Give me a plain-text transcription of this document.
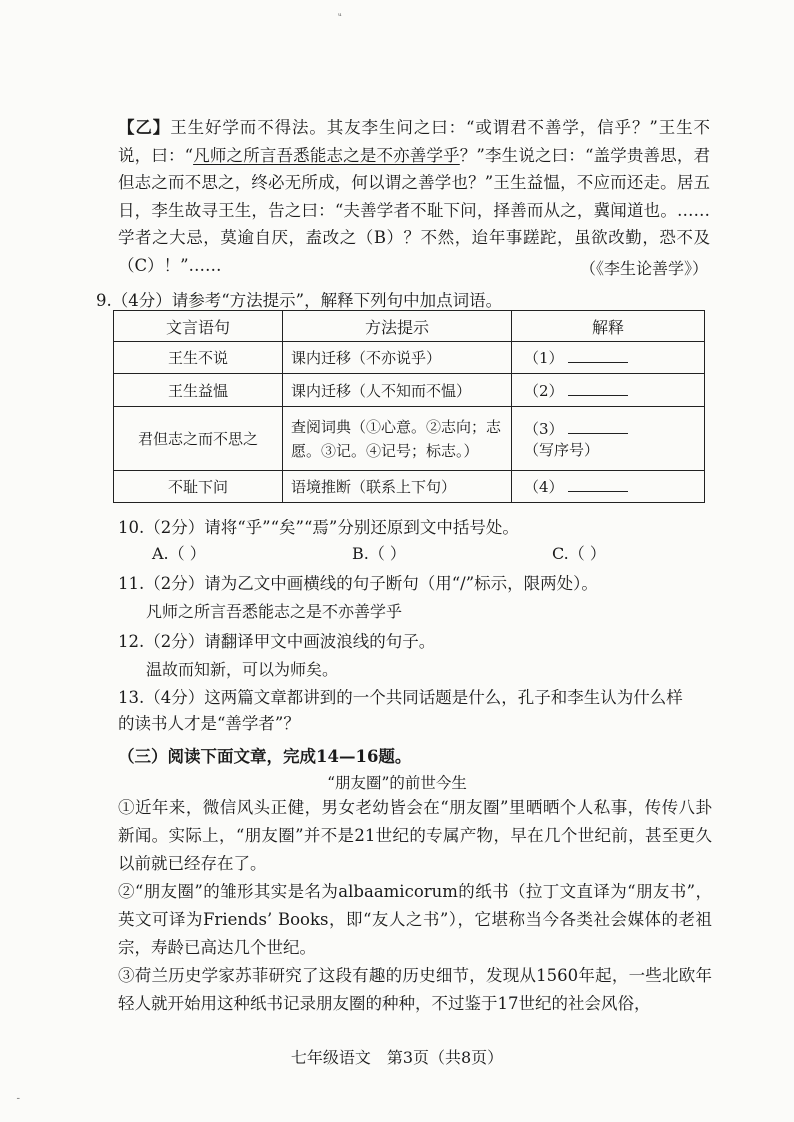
ᵘ
ˉ
【乙】王生好学而不得法。其友李生问之曰：“或谓君不善学，信乎？”王生不说，曰：“凡师之所言吾悉能志之是不亦善学乎？”李生说之曰：“盖学贵善思，君但志之而不思之，终必无所成，何以谓之善学也？”王生益愠，不应而还走。居五日，李生故寻王生，告之曰：“夫善学者不耻下问，择善而从之，冀闻道也。……学者之大忌，莫逾自厌，盍改之（B）？不然，迨年事蹉跎，虽欲改勤，恐不及（C）！”……	（《李生论善学》）
9.（4分）请参考“方法提示”，解释下列句中加点词语。
文言语句	方法提示	解释
王生不说	课内迁移（不亦说乎）	（1）
王生益愠	课内迁移（人不知而不愠）	（2）
君但志之而不思之	查阅词典（①心意。②志向；志愿。③记。④记号；标志。）	（3） （写序号）
不耻下问	语境推断（联系上下句）	（4）
10.（2分）请将“乎”“矣”“焉”分别还原到文中括号处。
A.（ ）	B.（ ）	C.（ ）
11.（2分）请为乙文中画横线的句子断句（用“/”标示，限两处）。
凡师之所言吾悉能志之是不亦善学乎
12.（2分）请翻译甲文中画波浪线的句子。
温故而知新，可以为师矣。
13.（4分）这两篇文章都讲到的一个共同话题是什么，孔子和李生认为什么样
的读书人才是“善学者”？
（三）阅读下面文章，完成14—16题。
“朋友圈”的前世今生

①近年来，微信风头正健，男女老幼皆会在“朋友圈”里晒晒个人私事，传传八卦新闻。实际上，“朋友圈”并不是21世纪的专属产物，早在几个世纪前，甚至更久以前就已经存在了。

②“朋友圈”的雏形其实是名为albaamicorum的纸书（拉丁文直译为“朋友书”，英文可译为Friends’ Books，即“友人之书”），它堪称当今各类社会媒体的老祖宗，寿龄已高达几个世纪。

③荷兰历史学家苏菲研究了这段有趣的历史细节，发现从1560年起，一些北欧年轻人就开始用这种纸书记录朋友圈的种种，不过鉴于17世纪的社会风俗，

七年级语文　第3页（共8页）
